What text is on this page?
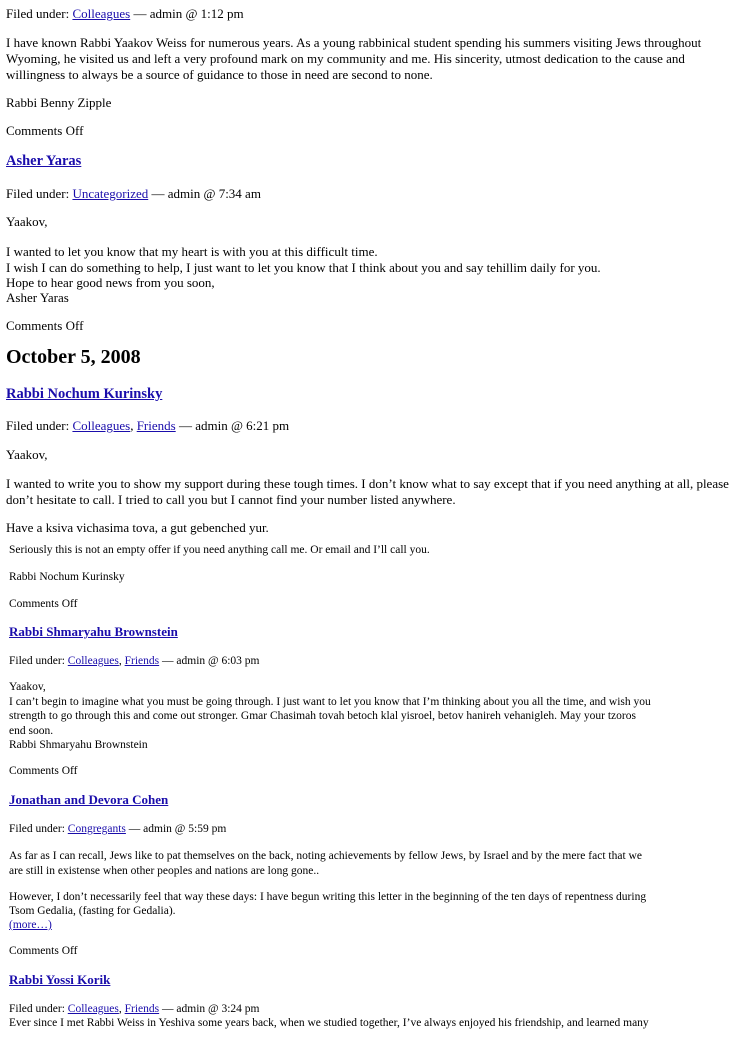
Filed under: Colleagues — admin @ 1:12 pm

I have known Rabbi Yaakov Weiss for numerous years. As a young rabbinical student spending his summers visiting Jews throughout Wyoming, he visited us and left a very profound mark on my community and me. His sincerity, utmost dedication to the cause and willingness to always be a source of guidance to those in need are second to none.

Rabbi Benny Zipple
Comments Off
Asher Yaras
Filed under: Uncategorized — admin @ 7:34 am
Yaakov,
I wanted to let you know that my heart is with you at this difficult time.
I wish I can do something to help, I just want to let you know that I think about you and say tehillim daily for you.
Hope to hear good news from you soon,
Asher Yaras
Comments Off
October 5, 2008
Rabbi Nochum Kurinsky
Filed under: Colleagues, Friends — admin @ 6:21 pm
Yaakov,

I wanted to write you to show my support during these tough times. I don’t know what to say except that if you need anything at all, please don’t hesitate to call. I tried to call you but I cannot find your number listed anywhere.

Have a ksiva vichasima tova, a gut gebenched yur.
Seriously this is not an empty offer if you need anything call me. Or email and I’ll call you.
Rabbi Nochum Kurinsky
Comments Off
Rabbi Shmaryahu Brownstein
Filed under: Colleagues, Friends — admin @ 6:03 pm
Yaakov,
I can’t begin to imagine what you must be going through. I just want to let you know that I’m thinking about you all the time, and wish you
strength to go through this and come out stronger. Gmar Chasimah tovah betoch klal yisroel, betov hanireh vehanigleh. May your tzoros
end soon.
Rabbi Shmaryahu Brownstein
Comments Off
Jonathan and Devora Cohen
Filed under: Congregants — admin @ 5:59 pm
As far as I can recall, Jews like to pat themselves on the back, noting achievements by fellow Jews, by Israel and by the mere fact that we
are still in existense when other peoples and nations are long gone..
However, I don’t necessarily feel that way these days: I have begun writing this letter in the beginning of the ten days of repentness during
Tsom Gedalia, (fasting for Gedalia).
(more…)
Comments Off
Rabbi Yossi Korik
Filed under: Colleagues, Friends — admin @ 3:24 pm
Ever since I met Rabbi Weiss in Yeshiva some years back, when we studied together, I’ve always enjoyed his friendship, and learned many
